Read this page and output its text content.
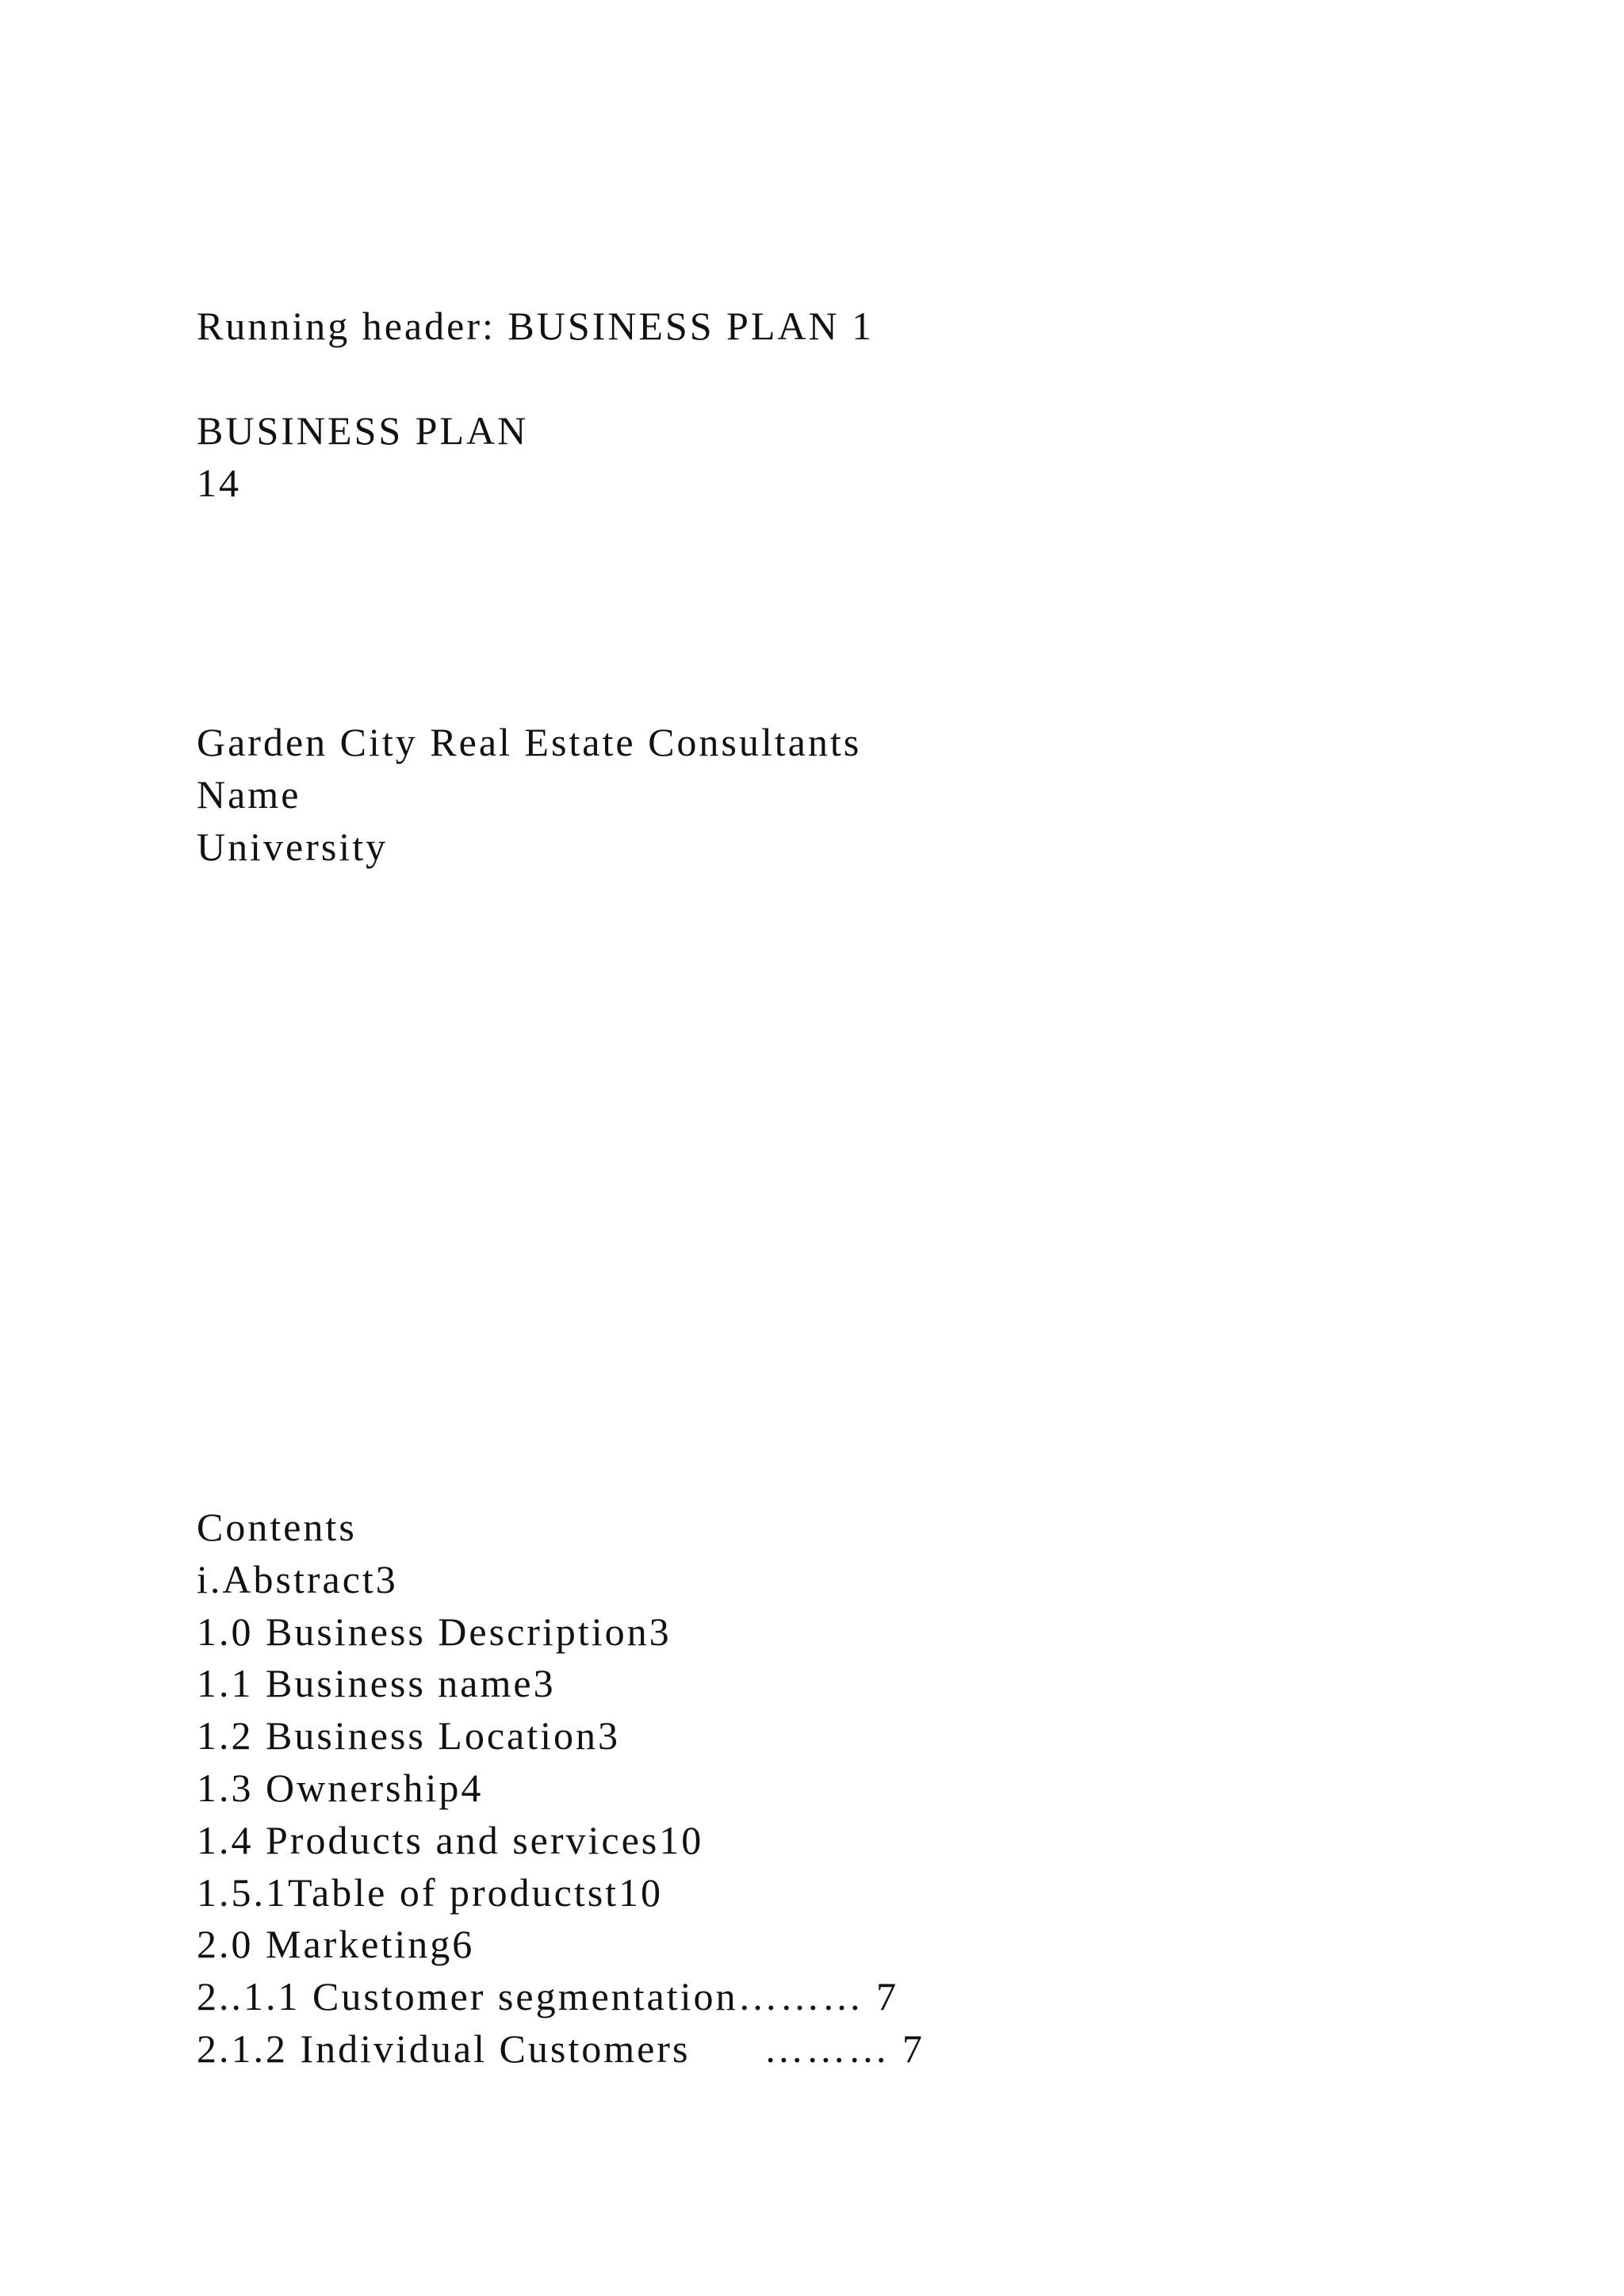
Running header: BUSINESS PLAN 1

BUSINESS PLAN

14

Garden City Real Estate Consultants

Name

University

Contents

i.Abstract3

1.0 Business Description3

1.1 Business name3

1.2 Business Location3

1.3 Ownership4

1.4 Products and services10

1.5.1Table of productst10

2.0 Marketing6

2..1.1 Customer segmentation……… 7

2.1.2 Individual Customers      ……… 7
